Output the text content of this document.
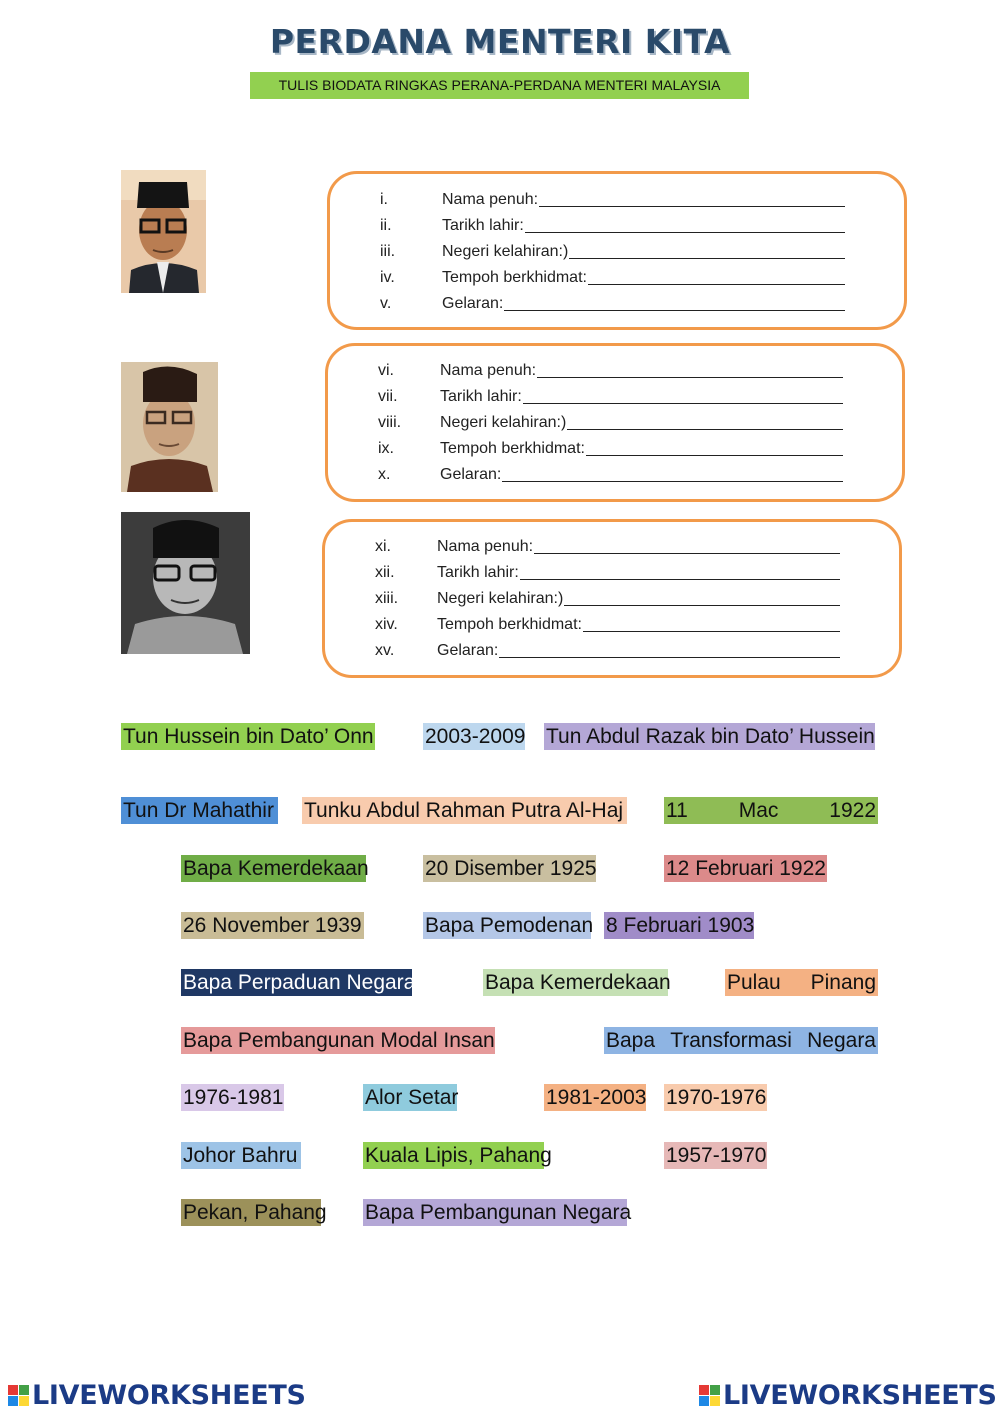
PERDANA MENTERI KITA
TULIS BIODATA RINGKAS PERANA-PERDANA MENTERI MALAYSIA
i.	Nama penuh:
ii.	Tarikh lahir:
iii.	Negeri kelahiran:)
iv.	Tempoh berkhidmat:
v.	Gelaran:
vi.	Nama penuh:
vii.	Tarikh lahir:
viii.	Negeri kelahiran:)
ix.	Tempoh berkhidmat:
x.	Gelaran:
xi.	Nama penuh:
xii.	Tarikh lahir:
xiii.	Negeri kelahiran:)
xiv.	Tempoh berkhidmat:
xv.	Gelaran:
Tun Hussein bin Dato’ Onn 2003-2009 Tun Abdul Razak bin Dato’ Hussein
Tun Dr Mahathir Tunku Abdul Rahman Putra Al-Haj 11 Mac 1922
Bapa Kemerdekaan	20 Disember 1925	12 Februari 1922
26 November 1939	Bapa Pemodenan 8 Februari 1903
Bapa Perpaduan Negara	Bapa Kemerdekaan	Pulau Pinang
Bapa Pembangunan Modal Insan	Bapa Transformasi Negara
1976-1981	Alor Setar	1981-2003 1970-1976
Johor Bahru	Kuala Lipis, Pahang	1957-1970
Pekan, Pahang Bapa Pembangunan Negara
LIVEWORKSHEETS	LIVEWORKSHEETS
